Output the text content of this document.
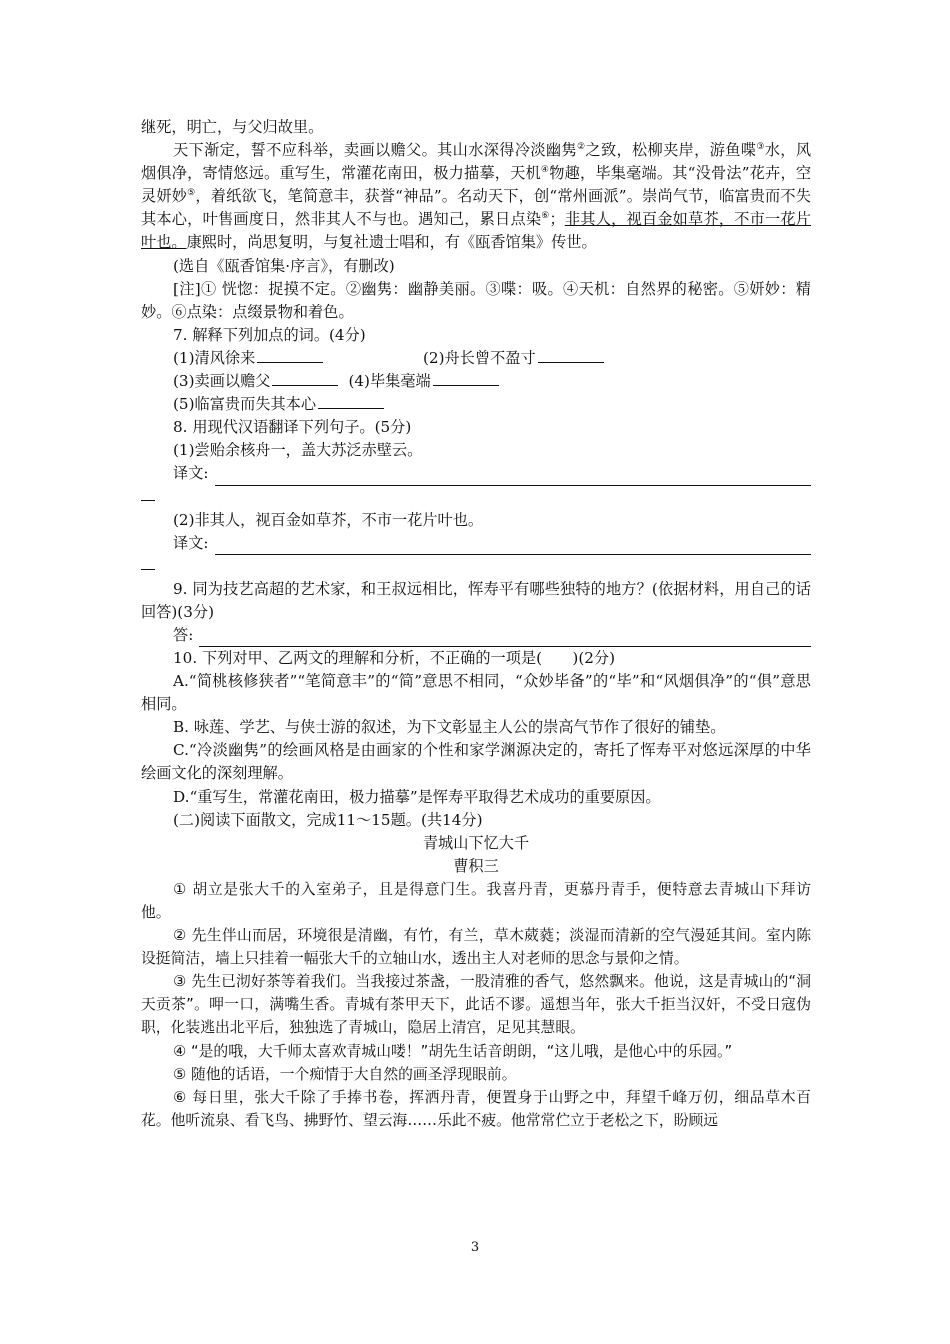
继死，明亡，与父归故里。

天下渐定，誓不应科举，卖画以赡父。其山水深得冷淡幽隽②之致，松柳夹岸，游鱼喋③水，风烟俱净，寄情悠远。重写生，常灌花南田，极力描摹，天机④物趣，毕集毫端。其“没骨法”花卉，空灵妍妙⑤，着纸欲飞，笔简意丰，获誉“神品”。名动天下，创“常州画派”。崇尚气节，临富贵而不失其本心，叶售画度日，然非其人不与也。遇知己，累日点染⑥；非其人，视百金如草芥，不市一花片叶也。康熙时，尚思复明，与复社遗士唱和，有《瓯香馆集》传世。

(选自《瓯香馆集·序言》，有删改)

[注]① 恍惚：捉摸不定。②幽隽：幽静美丽。③喋：吸。④天机：自然界的秘密。⑤妍妙：精妙。⑥点染：点缀景物和着色。

7. 解释下列加点的词。(4分)

(1)清风徐来	(2)舟长曾不盈寸
(3)卖画以赡父	(4)毕集毫端
(5)临富贵而失其本心

8. 用现代汉语翻译下列句子。(5分)

(1)尝贻余核舟一，盖大苏泛赤壁云。

译文:

(2)非其人，视百金如草芥，不市一花片叶也。

译文:

9. 同为技艺高超的艺术家，和王叔远相比，恽寿平有哪些独特的地方？(依据材料，用自己的话回答)(3分)

答:

10. 下列对甲、乙两文的理解和分析，不正确的一项是(　　)(2分)

A.“简桃核修狭者”“笔简意丰”的“简”意思不相同，“众妙毕备”的“毕”和“风烟俱净”的“俱”意思相同。

B. 咏莲、学艺、与侠士游的叙述，为下文彰显主人公的崇高气节作了很好的铺垫。

C.“冷淡幽隽”的绘画风格是由画家的个性和家学渊源决定的，寄托了恽寿平对悠远深厚的中华绘画文化的深刻理解。

D.“重写生，常灌花南田，极力描摹”是恽寿平取得艺术成功的重要原因。

(二)阅读下面散文，完成11～15题。(共14分)

青城山下忆大千

曹积三

① 胡立是张大千的入室弟子，且是得意门生。我喜丹青，更慕丹青手，便特意去青城山下拜访他。

② 先生伴山而居，环境很是清幽，有竹，有兰，草木葳蕤；淡湿而清新的空气漫延其间。室内陈设挺简洁，墙上只挂着一幅张大千的立轴山水，透出主人对老师的思念与景仰之情。

③ 先生已沏好茶等着我们。当我接过茶盏，一股清雅的香气，悠然飘来。他说，这是青城山的“洞天贡茶”。呷一口，满嘴生香。青城有茶甲天下，此话不谬。遥想当年，张大千拒当汉奸，不受日寇伪职，化装逃出北平后，独独选了青城山，隐居上清宫，足见其慧眼。

④ “是的哦，大千师太喜欢青城山喽！”胡先生话音朗朗，“这儿哦，是他心中的乐园。”

⑤ 随他的话语，一个痴情于大自然的画圣浮现眼前。

⑥ 每日里，张大千除了手捧书卷，挥洒丹青，便置身于山野之中，拜望千峰万仞，细品草木百花。他听流泉、看飞鸟、拂野竹、望云海……乐此不疲。他常常伫立于老松之下，盼顾远

3
